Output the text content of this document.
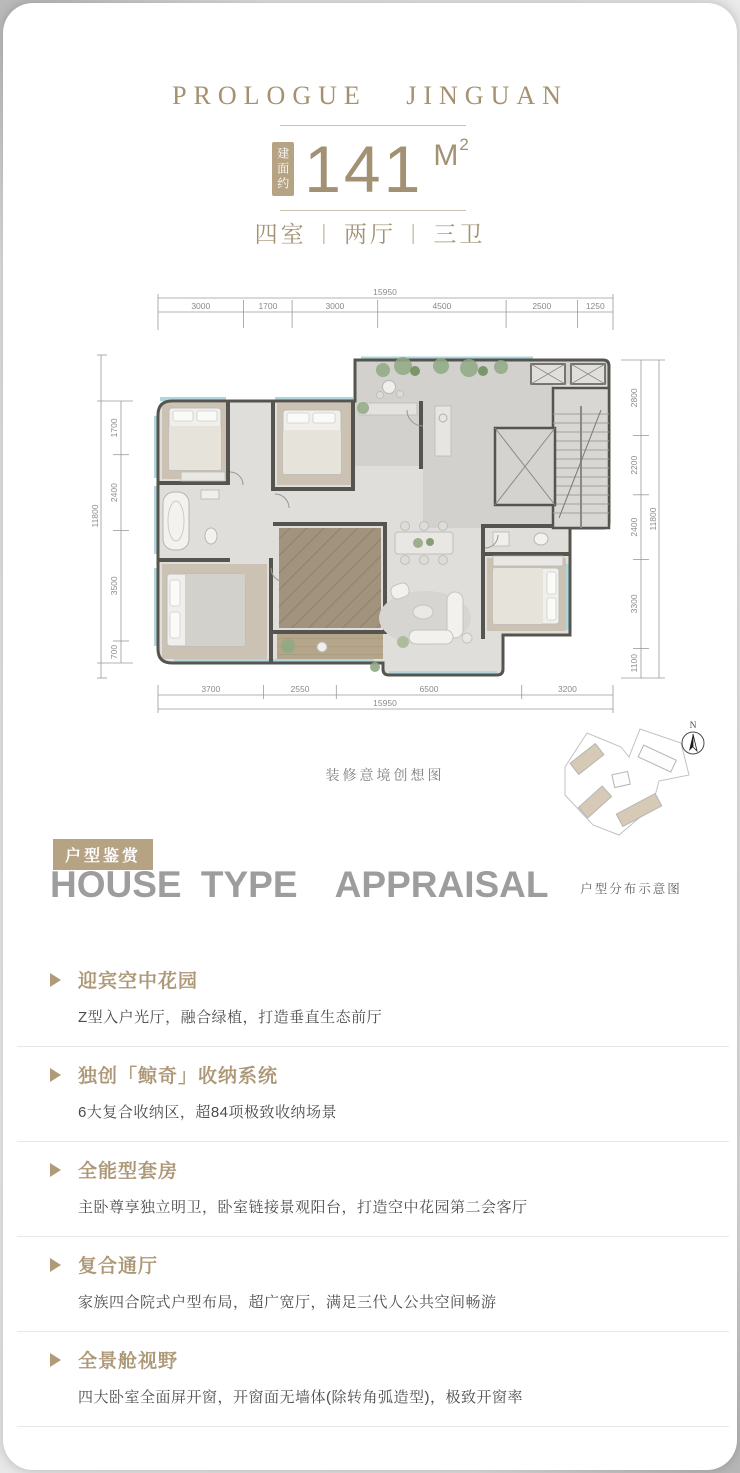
PROLOGUE JINGUAN
建面约 141 $M^2$
四室 | 两厅 | 三卫
15950
3000	1700	3000	4500	2500	1250
3700	2550	6500	3200
15950
1700
2400
3500
700
11800
2800
2200
2400
3300
1100
11800
装修意境创想图
N
户型分布示意图
户型鉴赏
HOUSE TYPE  APPRAISAL
迎宾空中花园
Z型入户光厅，融合绿植，打造垂直生态前厅
独创「鲸奇」收纳系统
6大复合收纳区，超84项极致收纳场景
全能型套房
主卧尊享独立明卫，卧室链接景观阳台，打造空中花园第二会客厅
复合通厅
家族四合院式户型布局，超广宽厅，满足三代人公共空间畅游
全景舱视野
四大卧室全面屏开窗，开窗面无墙体(除转角弧造型)，极致开窗率
